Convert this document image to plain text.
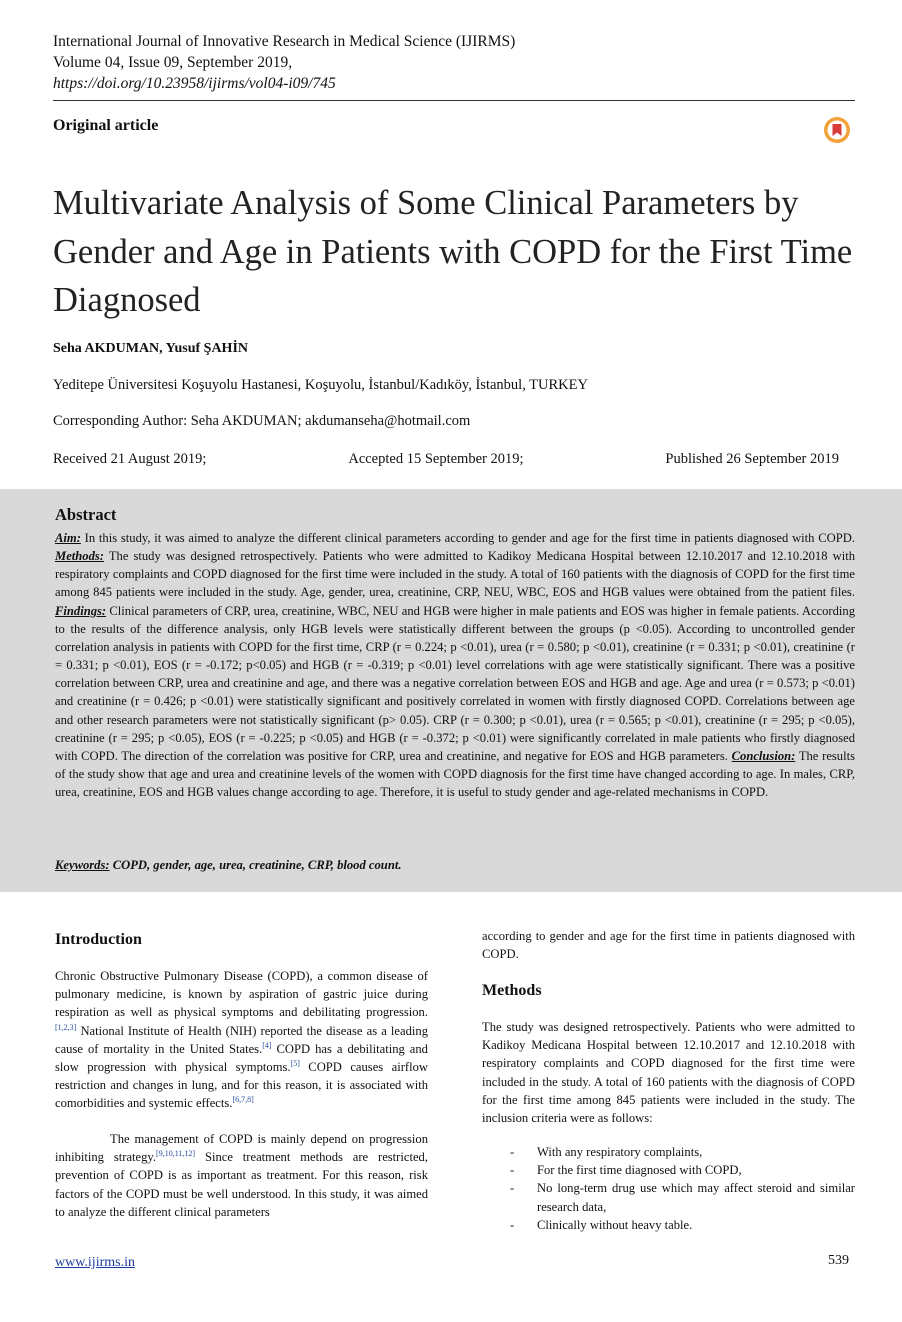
International Journal of Innovative Research in Medical Science (IJIRMS)
Volume 04, Issue 09, September 2019,
https://doi.org/10.23958/ijirms/vol04-i09/745
Original article
Multivariate Analysis of Some Clinical Parameters by Gender and Age in Patients with COPD for the First Time Diagnosed
Seha AKDUMAN, Yusuf ŞAHİN
Yeditepe Üniversitesi Koşuyolu Hastanesi, Koşuyolu, İstanbul/Kadıköy, İstanbul, TURKEY
Corresponding Author: Seha AKDUMAN; akdumanseha@hotmail.com
Received 21 August 2019;	Accepted 15 September 2019;	Published 26 September 2019
Abstract
Aim: In this study, it was aimed to analyze the different clinical parameters according to gender and age for the first time in patients diagnosed with COPD. Methods: The study was designed retrospectively. Patients who were admitted to Kadikoy Medicana Hospital between 12.10.2017 and 12.10.2018 with respiratory complaints and COPD diagnosed for the first time were included in the study. A total of 160 patients with the diagnosis of COPD for the first time among 845 patients were included in the study. Age, gender, urea, creatinine, CRP, NEU, WBC, EOS and HGB values were obtained from the patient files. Findings: Clinical parameters of CRP, urea, creatinine, WBC, NEU and HGB were higher in male patients and EOS was higher in female patients. According to the results of the difference analysis, only HGB levels were statistically different between the groups (p <0.05). According to uncontrolled gender correlation analysis in patients with COPD for the first time, CRP (r = 0.224; p <0.01), urea (r = 0.580; p <0.01), creatinine (r = 0.331; p <0.01), creatinine (r = 0.331; p <0.01), EOS (r = -0.172; p<0.05) and HGB (r = -0.319; p <0.01) level correlations with age were statistically significant. There was a positive correlation between CRP, urea and creatinine and age, and there was a negative correlation between EOS and HGB and age. Age and urea (r = 0.573; p <0.01) and creatinine (r = 0.426; p <0.01) were statistically significant and positively correlated in women with firstly diagnosed COPD. Correlations between age and other research parameters were not statistically significant (p> 0.05). CRP (r = 0.300; p <0.01), urea (r = 0.565; p <0.01), creatinine (r = 295; p <0.05), creatinine (r = 295; p <0.05), EOS (r = -0.225; p <0.05) and HGB (r = -0.372; p <0.01) were significantly correlated in male patients who firstly diagnosed with COPD. The direction of the correlation was positive for CRP, urea and creatinine, and negative for EOS and HGB parameters. Conclusion: The results of the study show that age and urea and creatinine levels of the women with COPD diagnosis for the first time have changed according to age. In males, CRP, urea, creatinine, EOS and HGB values change according to age. Therefore, it is useful to study gender and age-related mechanisms in COPD.
Keywords: COPD, gender, age, urea, creatinine, CRP, blood count.
Introduction
Chronic Obstructive Pulmonary Disease (COPD), a common disease of pulmonary medicine, is known by aspiration of gastric juice during respiration as well as physical symptoms and debilitating progression.[1,2,3] National Institute of Health (NIH) reported the disease as a leading cause of mortality in the United States.[4] COPD has a debilitating and slow progression with physical symptoms.[5] COPD causes airflow restriction and changes in lung, and for this reason, it is associated with comorbidities and systemic effects.[6,7,8]
The management of COPD is mainly depend on progression inhibiting strategy.[9,10,11,12] Since treatment methods are restricted, prevention of COPD is as important as treatment. For this reason, risk factors of the COPD must be well understood. In this study, it was aimed to analyze the different clinical parameters
according to gender and age for the first time in patients diagnosed with COPD.
Methods
The study was designed retrospectively. Patients who were admitted to Kadikoy Medicana Hospital between 12.10.2017 and 12.10.2018 with respiratory complaints and COPD diagnosed for the first time were included in the study. A total of 160 patients with the diagnosis of COPD for the first time among 845 patients were included in the study. The inclusion criteria were as follows:
- With any respiratory complaints,
- For the first time diagnosed with COPD,
- No long-term drug use which may affect steroid and similar research data,
- Clinically without heavy table.
www.ijirms.in	539
